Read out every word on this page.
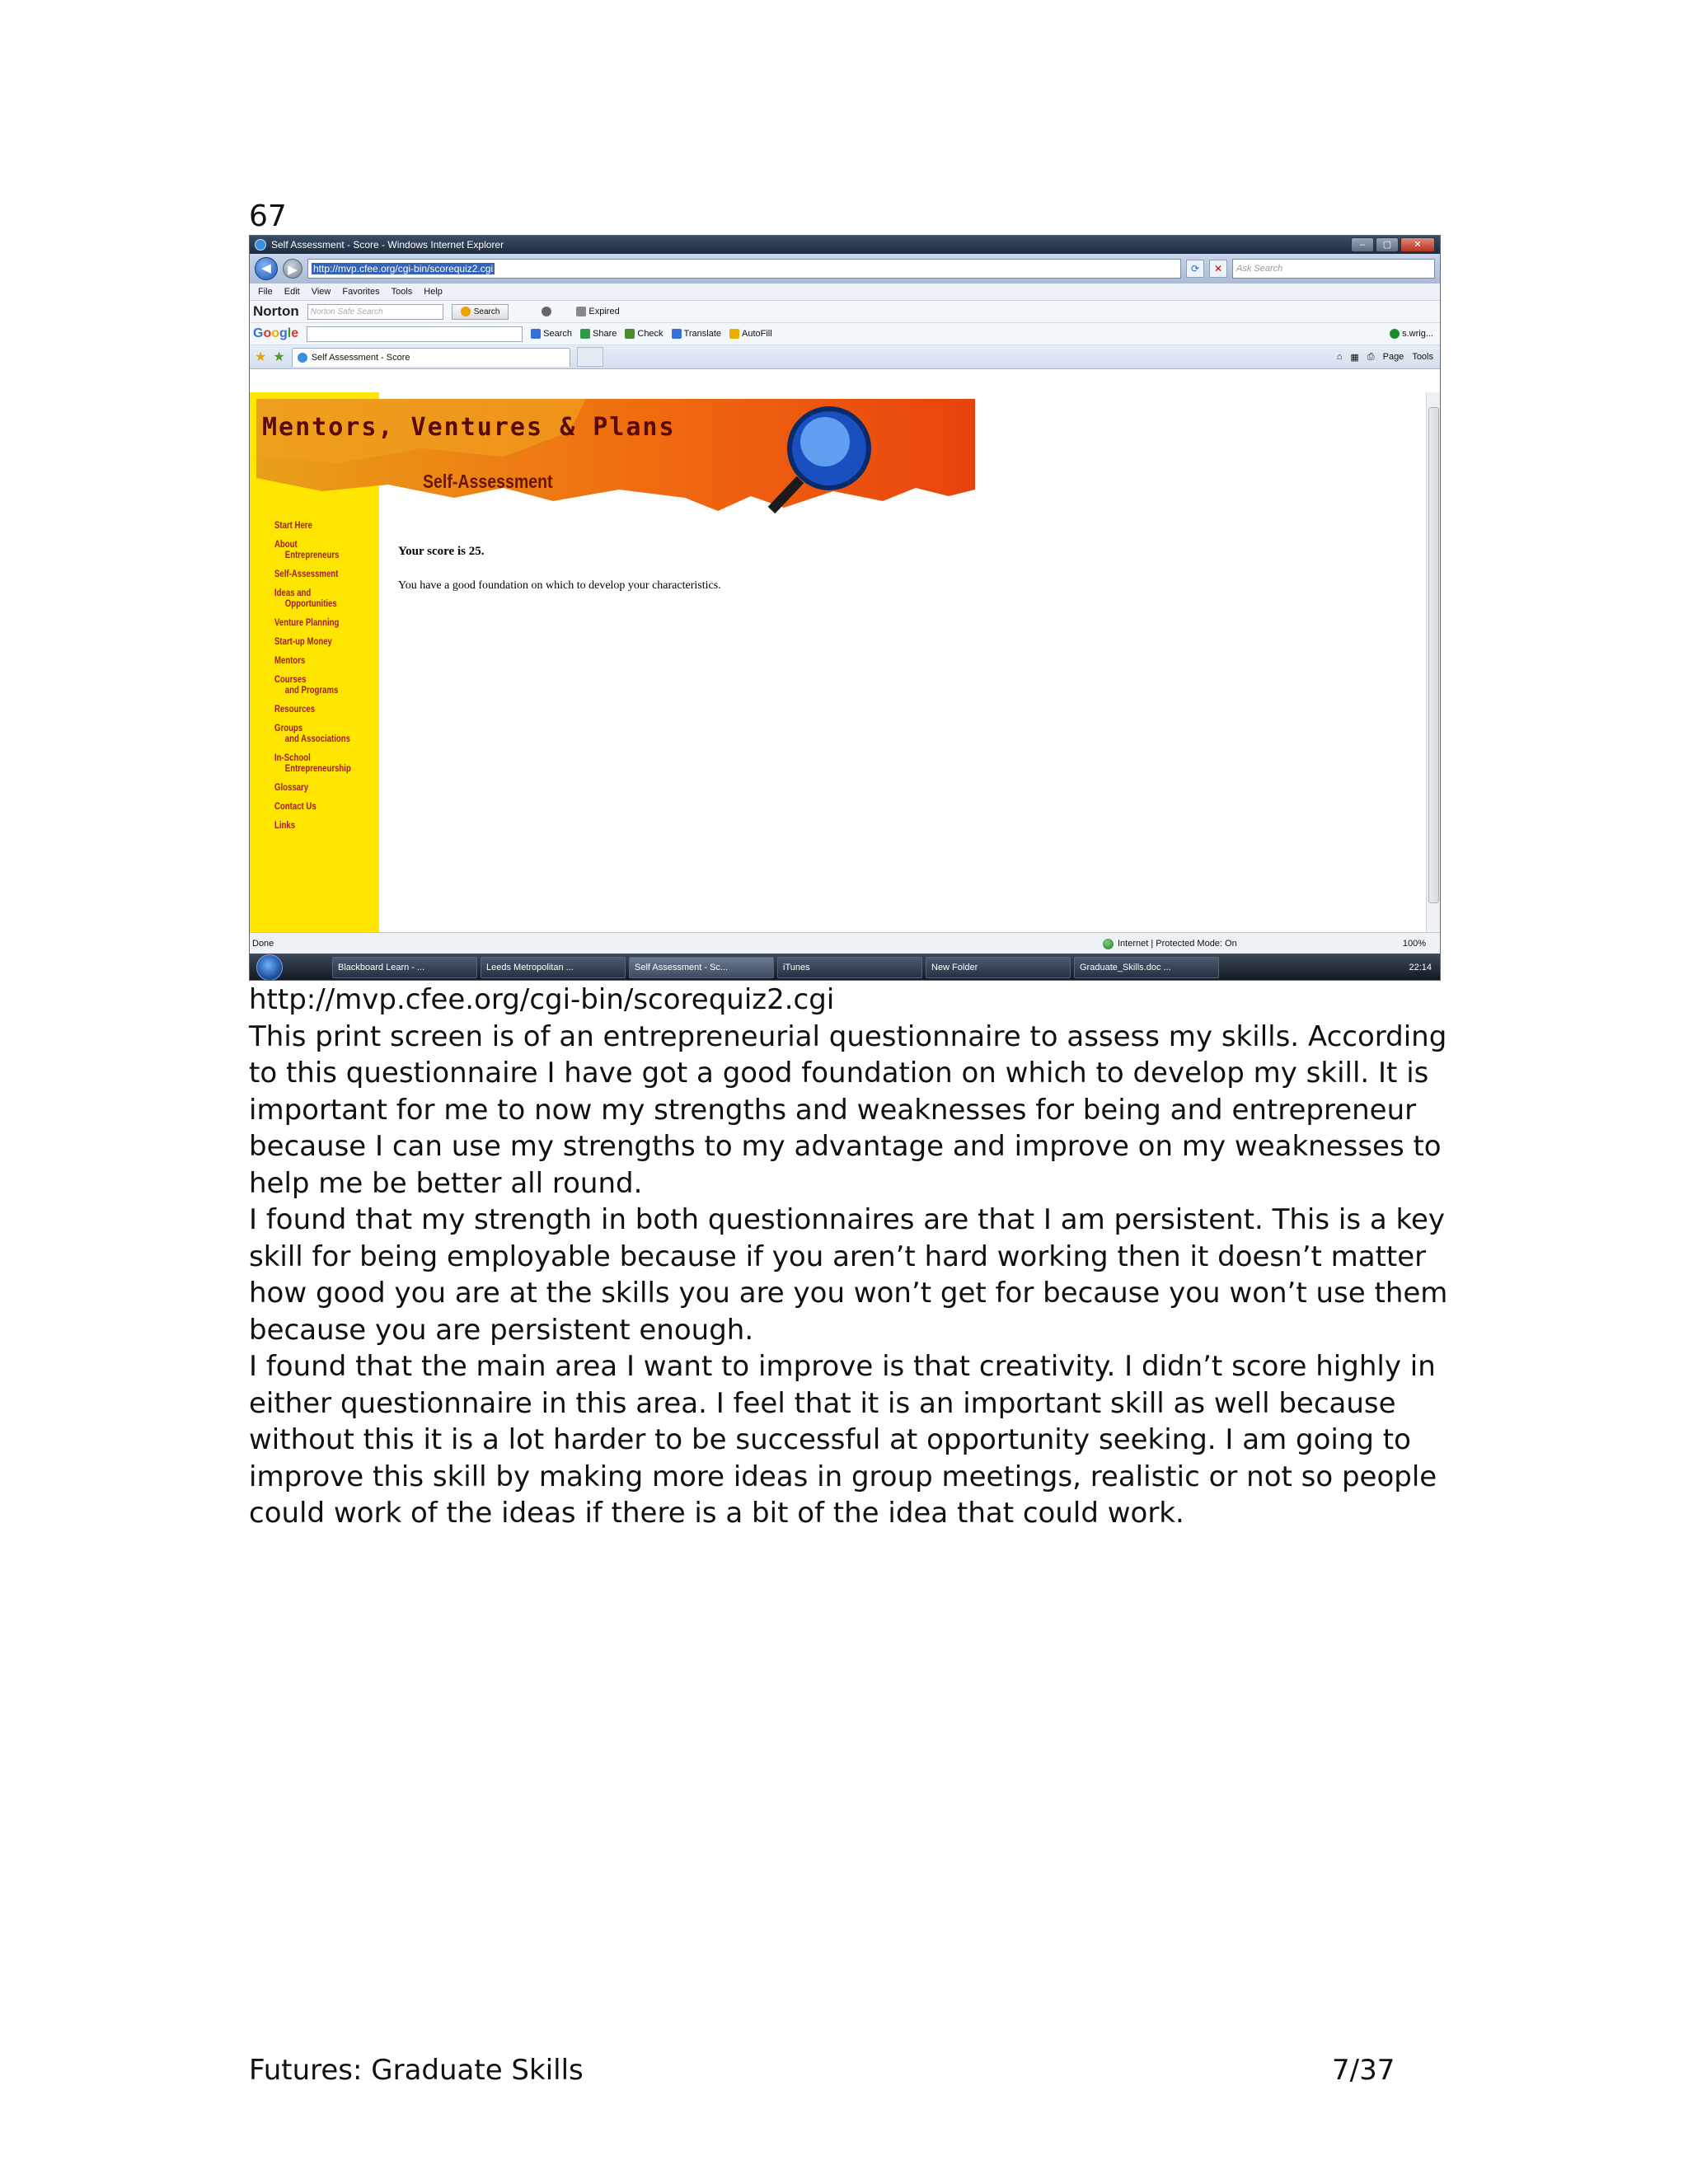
67
Self Assessment - Score - Windows Internet Explorer	–	▢	✕
◀	▶	http://mvp.cfee.org/cgi-bin/scorequiz2.cgi	⟳	✕	Ask Search
File Edit View Favorites Tools Help
Norton Norton Safe Search	Search	Expired
Google	Search Share Check Translate AutoFill	s.wrig...
★ ★	Self Assessment - Score	⌂ ▦ ⎙ Page Tools
Mentors, Ventures & Plans
Self-Assessment
Start Here
About
Entrepreneurs
Self-Assessment
Ideas and
Opportunities
Venture Planning
Start-up Money
Mentors
Courses
and Programs
Resources
Groups
and Associations
In-School
Entrepreneurship
Glossary
Contact Us
Links
Your score is 25.
You have a good foundation on which to develop your characteristics.
Done	Internet | Protected Mode: On	100%
Blackboard Learn - ...	Leeds Metropolitan ...	Self Assessment - Sc...	iTunes	New Folder	Graduate_Skills.doc ...	22:14

http://mvp.cfee.org/cgi-bin/scorequiz2.cgi

This print screen is of an entrepreneurial questionnaire to assess my skills. According to this questionnaire I have got a good foundation on which to develop my skill. It is important for me to now my strengths and weaknesses for being and entrepreneur because I can use my strengths to my advantage and improve on my weaknesses to help me be better all round.

I found that my strength in both questionnaires are that I am persistent. This is a key skill for being employable because if you aren’t hard working then it doesn’t matter how good you are at the skills you are you won’t get for because you won’t use them because you are persistent enough.

I found that the main area I want to improve is that creativity. I didn’t score highly in either questionnaire in this area. I feel that it is an important skill as well because without this it is a lot harder to be successful at opportunity seeking. I am going to improve this skill by making more ideas in group meetings, realistic or not so people could work of the ideas if there is a bit of the idea that could work.

Futures: Graduate Skills	7/37
